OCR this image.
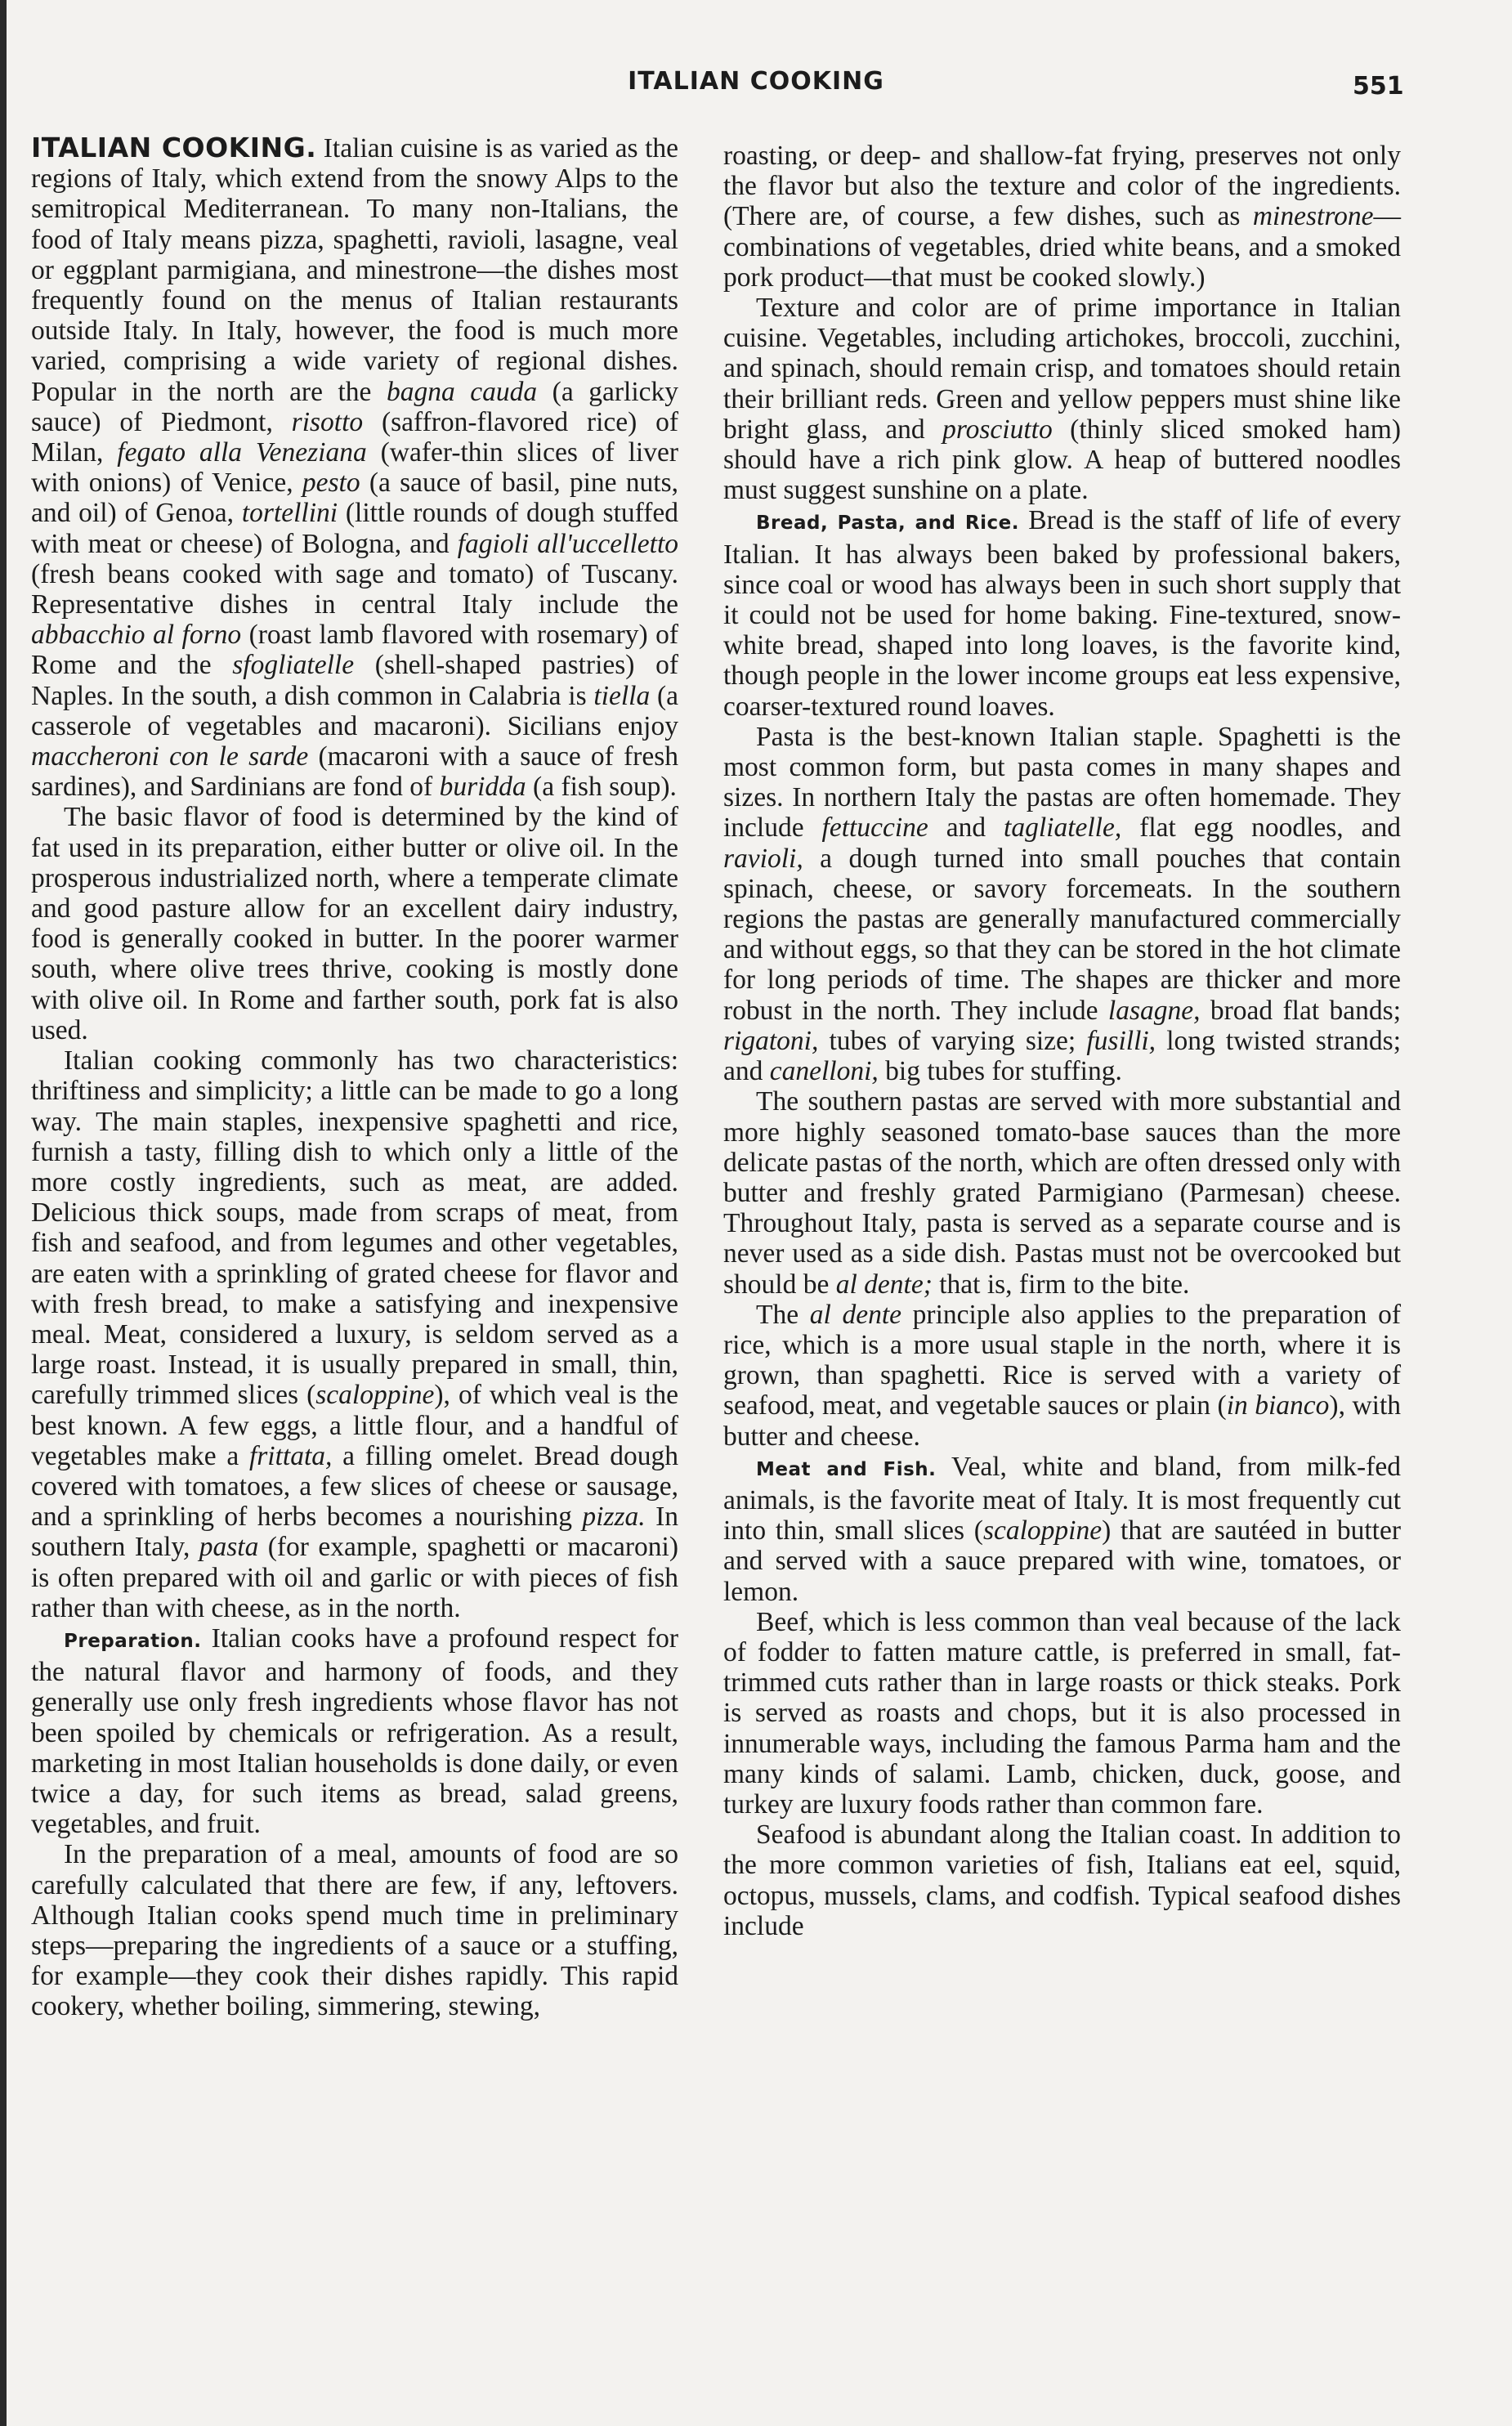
ITALIAN COOKING	551

ITALIAN COOKING. Italian cuisine is as varied as the regions of Italy, which extend from the snowy Alps to the semitropical Mediterranean. To many non-Italians, the food of Italy means pizza, spaghetti, ravioli, lasagne, veal or eggplant parmigiana, and minestrone—the dishes most frequently found on the menus of Italian restaurants outside Italy. In Italy, however, the food is much more varied, comprising a wide variety of regional dishes. Popular in the north are the bagna cauda (a garlicky sauce) of Piedmont, risotto (saffron-flavored rice) of Milan, fegato alla Veneziana (wafer-thin slices of liver with onions) of Venice, pesto (a sauce of basil, pine nuts, and oil) of Genoa, tortellini (little rounds of dough stuffed with meat or cheese) of Bologna, and fagioli all'uccelletto (fresh beans cooked with sage and tomato) of Tuscany. Representative dishes in central Italy include the abbacchio al forno (roast lamb flavored with rosemary) of Rome and the sfogliatelle (shell-shaped pastries) of Naples. In the south, a dish common in Calabria is tiella (a casserole of vegetables and macaroni). Sicilians enjoy maccheroni con le sarde (macaroni with a sauce of fresh sardines), and Sardinians are fond of buridda (a fish soup).

The basic flavor of food is determined by the kind of fat used in its preparation, either butter or olive oil. In the prosperous industrialized north, where a temperate climate and good pasture allow for an excellent dairy industry, food is generally cooked in butter. In the poorer warmer south, where olive trees thrive, cooking is mostly done with olive oil. In Rome and farther south, pork fat is also used.

Italian cooking commonly has two characteristics: thriftiness and simplicity; a little can be made to go a long way. The main staples, inexpensive spaghetti and rice, furnish a tasty, filling dish to which only a little of the more costly ingredients, such as meat, are added. Delicious thick soups, made from scraps of meat, from fish and seafood, and from legumes and other vegetables, are eaten with a sprinkling of grated cheese for flavor and with fresh bread, to make a satisfying and inexpensive meal. Meat, considered a luxury, is seldom served as a large roast. Instead, it is usually prepared in small, thin, carefully trimmed slices (scaloppine), of which veal is the best known. A few eggs, a little flour, and a handful of vegetables make a frittata, a filling omelet. Bread dough covered with tomatoes, a few slices of cheese or sausage, and a sprinkling of herbs becomes a nourishing pizza. In southern Italy, pasta (for example, spaghetti or macaroni) is often prepared with oil and garlic or with pieces of fish rather than with cheese, as in the north.

Preparation. Italian cooks have a profound respect for the natural flavor and harmony of foods, and they generally use only fresh ingredients whose flavor has not been spoiled by chemicals or refrigeration. As a result, marketing in most Italian households is done daily, or even twice a day, for such items as bread, salad greens, vegetables, and fruit.

In the preparation of a meal, amounts of food are so carefully calculated that there are few, if any, leftovers. Although Italian cooks spend much time in preliminary steps—preparing the ingredients of a sauce or a stuffing, for example—they cook their dishes rapidly. This rapid cookery, whether boiling, simmering, stewing,

roasting, or deep- and shallow-fat frying, preserves not only the flavor but also the texture and color of the ingredients. (There are, of course, a few dishes, such as minestrone—combinations of vegetables, dried white beans, and a smoked pork product—that must be cooked slowly.)

Texture and color are of prime importance in Italian cuisine. Vegetables, including artichokes, broccoli, zucchini, and spinach, should remain crisp, and tomatoes should retain their brilliant reds. Green and yellow peppers must shine like bright glass, and prosciutto (thinly sliced smoked ham) should have a rich pink glow. A heap of buttered noodles must suggest sunshine on a plate.

Bread, Pasta, and Rice. Bread is the staff of life of every Italian. It has always been baked by professional bakers, since coal or wood has always been in such short supply that it could not be used for home baking. Fine-textured, snow-white bread, shaped into long loaves, is the favorite kind, though people in the lower income groups eat less expensive, coarser-textured round loaves.

Pasta is the best-known Italian staple. Spaghetti is the most common form, but pasta comes in many shapes and sizes. In northern Italy the pastas are often homemade. They include fettuccine and tagliatelle, flat egg noodles, and ravioli, a dough turned into small pouches that contain spinach, cheese, or savory forcemeats. In the southern regions the pastas are generally manufactured commercially and without eggs, so that they can be stored in the hot climate for long periods of time. The shapes are thicker and more robust in the north. They include lasagne, broad flat bands; rigatoni, tubes of varying size; fusilli, long twisted strands; and canelloni, big tubes for stuffing.

The southern pastas are served with more substantial and more highly seasoned tomato-base sauces than the more delicate pastas of the north, which are often dressed only with butter and freshly grated Parmigiano (Parmesan) cheese. Throughout Italy, pasta is served as a separate course and is never used as a side dish. Pastas must not be overcooked but should be al dente; that is, firm to the bite.

The al dente principle also applies to the preparation of rice, which is a more usual staple in the north, where it is grown, than spaghetti. Rice is served with a variety of seafood, meat, and vegetable sauces or plain (in bianco), with butter and cheese.

Meat and Fish. Veal, white and bland, from milk-fed animals, is the favorite meat of Italy. It is most frequently cut into thin, small slices (scaloppine) that are sautéed in butter and served with a sauce prepared with wine, tomatoes, or lemon.

Beef, which is less common than veal because of the lack of fodder to fatten mature cattle, is preferred in small, fat-trimmed cuts rather than in large roasts or thick steaks. Pork is served as roasts and chops, but it is also processed in innumerable ways, including the famous Parma ham and the many kinds of salami. Lamb, chicken, duck, goose, and turkey are luxury foods rather than common fare.

Seafood is abundant along the Italian coast. In addition to the more common varieties of fish, Italians eat eel, squid, octopus, mussels, clams, and codfish. Typical seafood dishes include
